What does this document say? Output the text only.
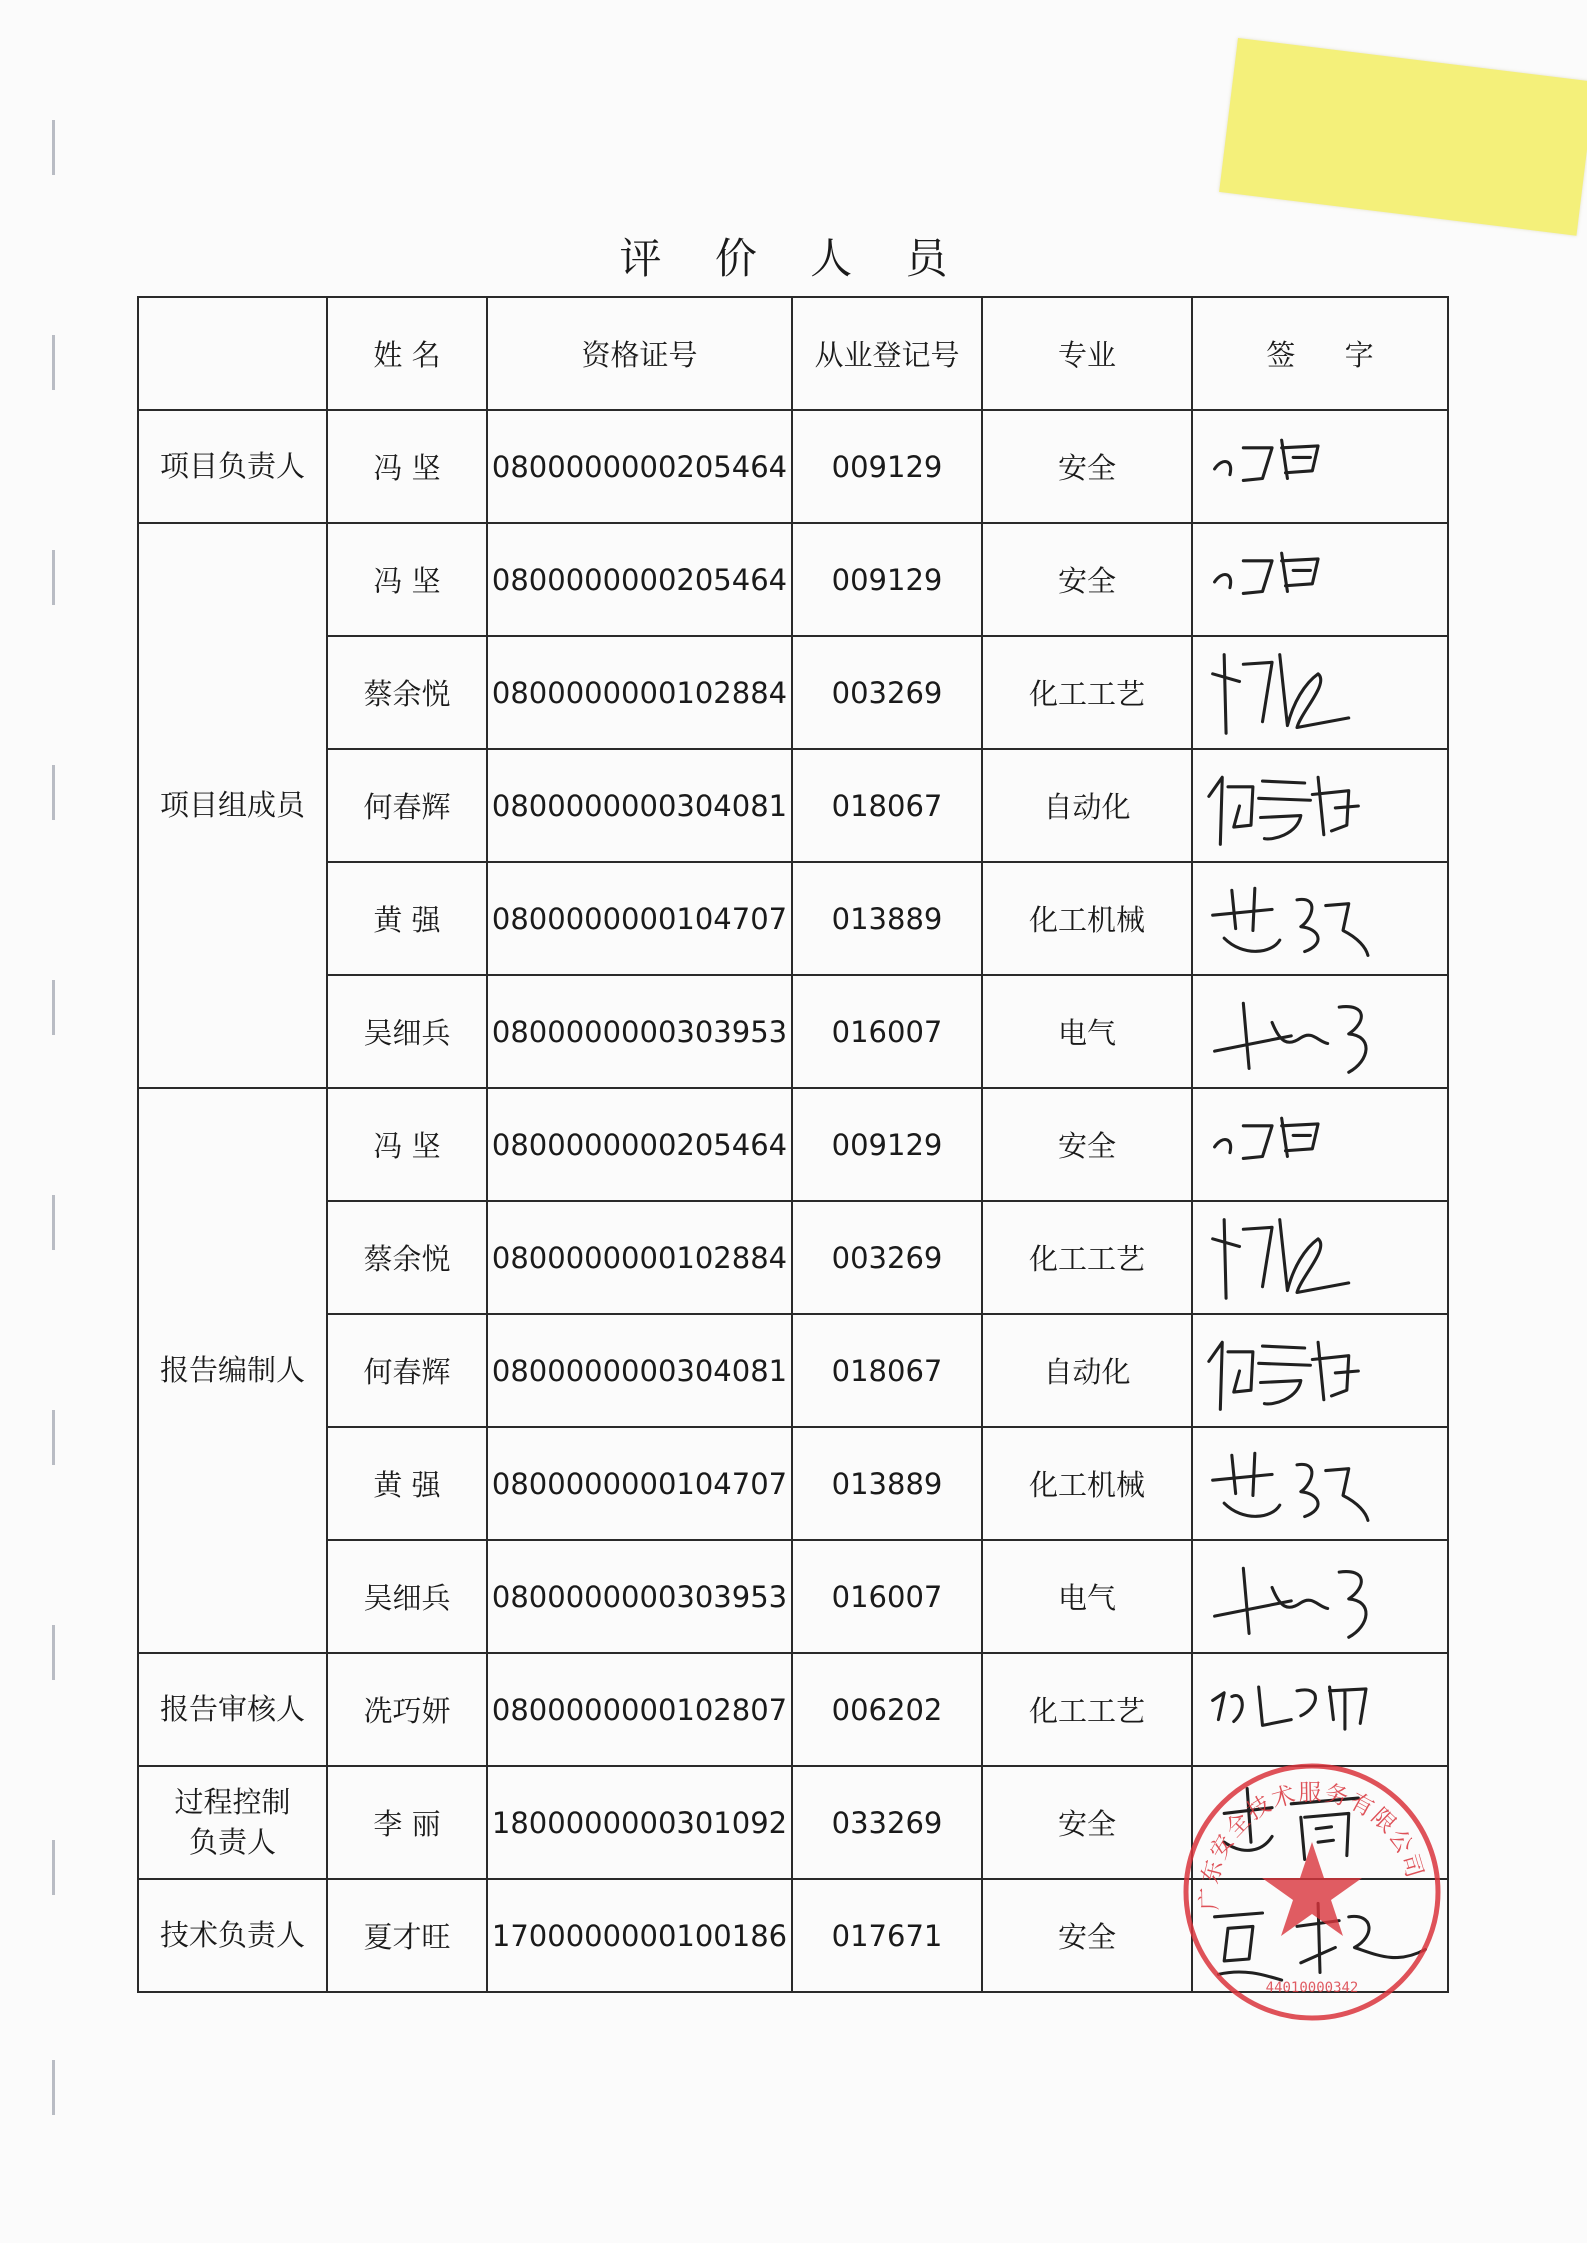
评 价 人 员
	姓 名	资格证号	从业登记号	专业	签 字
项目负责人	冯 坚	0800000000205464	009129	安全	

项目组成员	冯 坚	0800000000205464	009129	安全	

	蔡余悦	0800000000102884	003269	化工工艺	

	何春辉	0800000000304081	018067	自动化	

	黄 强	0800000000104707	013889	化工机械	

	吴细兵	0800000000303953	016007	电气	

报告编制人	冯 坚	0800000000205464	009129	安全	

	蔡余悦	0800000000102884	003269	化工工艺	

	何春辉	0800000000304081	018067	自动化	

	黄 强	0800000000104707	013889	化工机械	

	吴细兵	0800000000303953	016007	电气	

报告审核人	冼巧妍	0800000000102807	006202	化工工艺	

过程控制
负责人	李 丽	1800000000301092	033269	安全	

技术负责人	夏才旺	1700000000100186	017671	安全	
广东安全技术服务有限公司
44010000342
